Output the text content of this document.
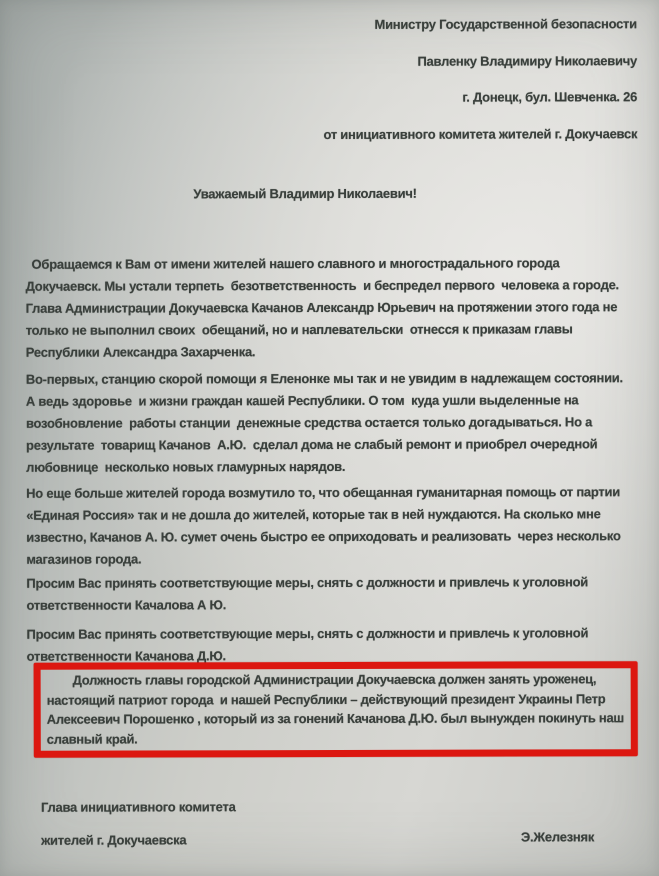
Министру Государственной безопасности
Павленку Владимиру Николаевичу
г. Донецк, бул. Шевченка. 26
от инициативного комитета жителей г. Докучаевск
Уважаемый Владимир Николаевич!

Обращаемся к Вам от имени жителей нашего славного и многострадального города
Докучаевск. Мы устали терпеть  безответственность  и беспредел первого  человека а городе.
Глава Администрации Докучаевска Качанов Александр Юрьевич на протяжении этого года не
только не выполнил своих  обещаний, но и наплевательски  отнесся к приказам главы
Республики Александра Захарченка.

Во-первых, станцию скорой помощи я Еленонке мы так и не увидим в надлежащем состоянии.
А ведь здоровье  и жизни граждан кашей Республики. О том  куда ушли выделенные на
возобновление  работы станции  денежные средства остается только догадываться. Но а
результате  товарищ Качанов  А.Ю.  сделал дома не слабый ремонт и приобрел очередной
любовнице  несколько новых гламурных нарядов.

Но еще больше жителей города возмутило то, что обещанная гуманитарная помощь от партии
«Единая Россия» так и не дошла до жителей, которые так в ней нуждаются. На сколько мне
известно, Качанов А. Ю. сумет очень быстро ее оприходовать и реализовать  через несколько
магазинов города.

Просим Вас принять соответствующие меры, снять с должности и привлечь к уголовной
ответственности Качалова А Ю.

Просим Вас принять соответствующие меры, снять с должности и привлечь к уголовной
ответственности Качанова Д.Ю.

Должность главы городской Администрации Докучаевска должен занять уроженец,
настоящий патриот города  и нашей Республики – действующий президент Украины Петр
Алексеевич Порошенко , который из за гонений Качанова Д.Ю. был вынужден покинуть наш
славный край.
Глава инициативного комитета
жителей г. Докучаевска	Э.Железняк
